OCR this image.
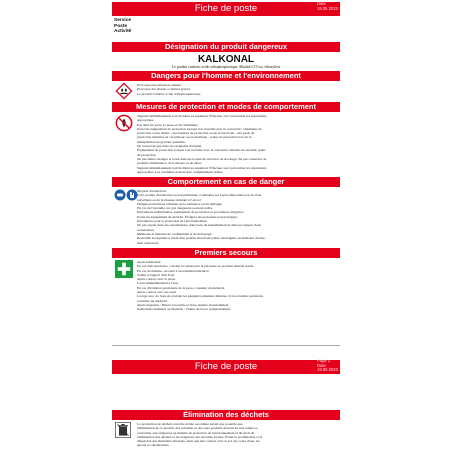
Fiche de poste	Date
19.05.2023
Service
Poste
Activité
Désignation du produit dangereux
KALKONAL
Le produit contient: acide orthophosphorique, Alkohol C13 iso, ethoxyliert
Dangers pour l'homme et l'environnement
Provoque une irritation cutanée.
Provoque des lésions oculaires graves
Le produit contient: acide orthophosphorique
Mesures de protection et modes de comportement
Signaler immédiatement tout incident au supérieur. Effectuer avec précaution les réparations
appropriées.
Pas dans les yeux, la peau ou les vêtements.
Prescrire équipement de protection lorsque l'on travaille avec le concentré : vêtements de
protection ou un tablier - des lunettes de protection ou un écran facial - des gants de
protection étanches en caoutchouc ou en plastique - bottes de protection lors de la
manipulation de grandes quantités.
Ne conserver que dans les récipients d'origine.
Équipement de protection lorsque l'on travaille avec le concentré: lunettes de sécurité, gants
de protection.
Ne pas fumer, manger et boire dans les locaux de travail et de stockage. Ne pas conserver de
produits alimentaires, de boissons ou de tabac.
Signaler immédiatement tout incident au supérieur. Effectuer avec précaution les réparations
appropriées. Les conduites doivent être complètement vidées.
Comportement en cas de danger
Moyens d'extinction:
CO2, poudre d'extinction ou eau pulvérisée. Combattre les foyers importants par de l'eau
pulvérisée ou de la mousse résistant à l'alcool
Dangers particuliers résultant de la substance ou du mélange
En cas de l'incendie, les gaz dangereux peuvent naître
Précautions individuelles, équipement de protection et procédures d'urgence
Porter un équipement de sécurité. Éloigner les personnes non protégées.
Précautions pour la protection de l'environnement
Ne pas rejeter dans les canalisations, dans l'eau de ruissellement ni dans les nappes d'eau
souterraines
Méthodes et matériel de confinement et de nettoyage:
Recueillir les liquides à l'aide d'un produit absorbant (sable, kieselguhr, neutralisant d'acide,
liant universel).
Premiers secours
Après inhalation:
En cas d'inconscience, coucher et transporter la personne en position latérale stable.
En cas de malaise, recourir à un traitement médical
Veiller à l'apport d'air frais
Après contact avec la peau:
Laver immédiatement à l'eau.
En cas d'irritation persistante de la peau, consulter un médecin
Après contact avec les yeux
Lavage avec de l'eau en écartant les paupières plusieurs minutes. Si les troubles persistent,
consulter un médecin.
Après ingestion : Rincer la bouche et boire ensuite abondamment
Indications destinées au médecin : Traiter de façon symptomatique
Fiche de poste
Page 2
Date
19.05.2023
Élimination des déchets
La production de déchets doit être évitée ou réduite autant que possible que
l'élimination de ce produit, des solutions et des sous-produits devront en tout temps se
conformer aux exigences en matière de protection de l'environnement et du droit de
l'élimination des déchets et les exigences des autorités locales. Éviter la prolifération et la
dispersion des matériaux déversés, ainsi que leur contact avec le sol, les cours d'eau, les
égouts et canalisations.
